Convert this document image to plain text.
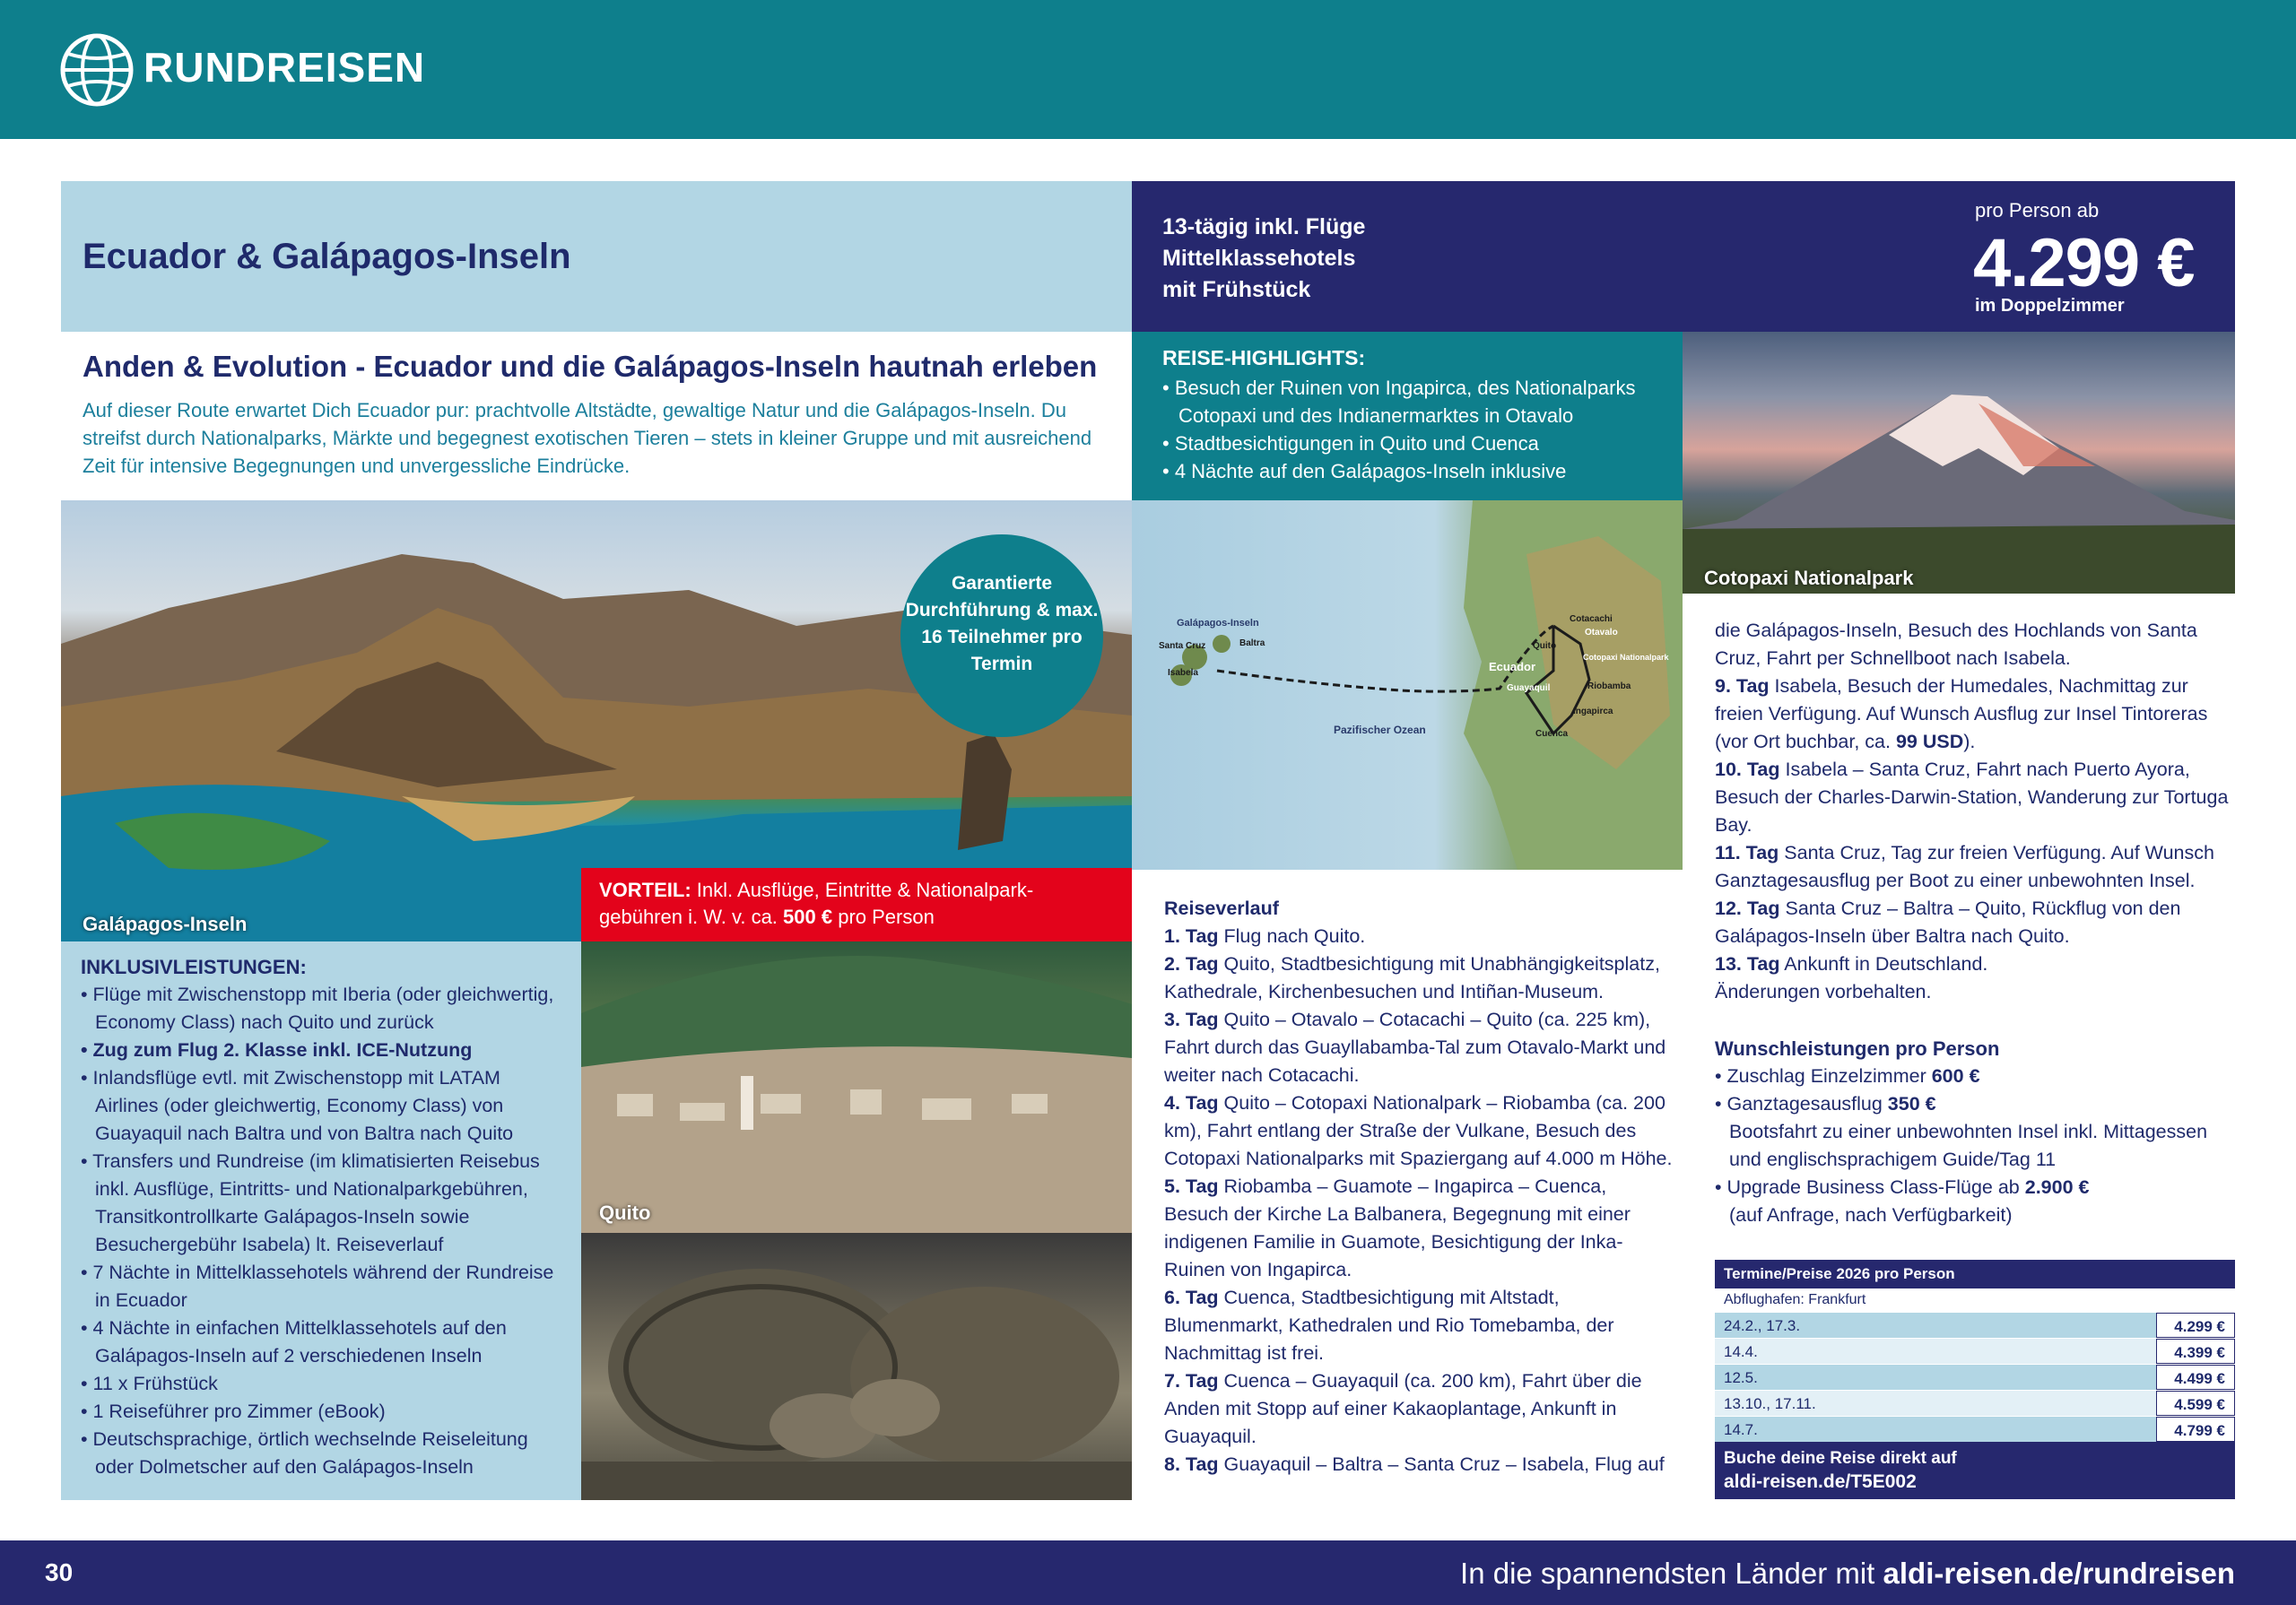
RUNDREISEN
Ecuador & Galápagos-Inseln
13-tägig inkl. Flüge
Mittelklassehotels
mit Frühstück
pro Person ab
4.299 €
im Doppelzimmer
Anden & Evolution - Ecuador und die Galápagos-Inseln hautnah erleben
Auf dieser Route erwartet Dich Ecuador pur: prachtvolle Altstädte, gewaltige Natur und die Galápagos-Inseln. Du streifst durch Nationalparks, Märkte und begegnest exotischen Tieren – stets in kleiner Gruppe und mit ausreichend Zeit für intensive Begegnungen und unvergessliche Eindrücke.
REISE-HIGHLIGHTS:
• Besuch der Ruinen von Ingapirca, des Nationalparks Cotopaxi und des Indianermarktes in Otavalo
• Stadtbesichtigungen in Quito und Cuenca
• 4 Nächte auf den Galápagos-Inseln inklusive
Galápagos-Inseln
Garantierte Durchführung & max. 16 Teilnehmer pro Termin
Galápagos-Inseln
Santa Cruz	Baltra
Isabela
Pazifischer Ozean
Ecuador
Cotacachi
Otavalo
Quito
Cotopaxi Nationalpark
Riobamba
Guayaquil
Ingapirca
Cuenca
Cotopaxi Nationalpark
VORTEIL: Inkl. Ausflüge, Eintritte & Nationalpark-
gebühren i. W. v. ca. 500 € pro Person
Quito
INKLUSIVLEISTUNGEN:
• Flüge mit Zwischenstopp mit Iberia (oder gleichwertig, Economy Class) nach Quito und zurück
• Zug zum Flug 2. Klasse inkl. ICE-Nutzung
• Inlandsflüge evtl. mit Zwischenstopp mit LATAM Airlines (oder gleichwertig, Economy Class) von Guayaquil nach Baltra und von Baltra nach Quito
• Transfers und Rundreise (im klimatisierten Reisebus inkl. Ausflüge, Eintritts- und Nationalparkgebühren, Transitkontrollkarte Galápagos-Inseln sowie Besuchergebühr Isabela) lt. Reiseverlauf
• 7 Nächte in Mittelklassehotels während der Rundreise in Ecuador
• 4 Nächte in einfachen Mittelklassehotels auf den Galápagos-Inseln auf 2 verschiedenen Inseln
• 11 x Frühstück
• 1 Reiseführer pro Zimmer (eBook)
• Deutschsprachige, örtlich wechselnde Reiseleitung oder Dolmetscher auf den Galápagos-Inseln
Reiseverlauf
1. Tag Flug nach Quito.
2. Tag Quito, Stadtbesichtigung mit Unabhängigkeitsplatz, Kathedrale, Kirchenbesuchen und Intiñan-Museum.
3. Tag Quito – Otavalo – Cotacachi – Quito (ca. 225 km), Fahrt durch das Guayllabamba-Tal zum Otavalo-Markt und weiter nach Cotacachi.
4. Tag Quito – Cotopaxi Nationalpark – Riobamba (ca. 200 km), Fahrt entlang der Straße der Vulkane, Besuch des Cotopaxi Nationalparks mit Spaziergang auf 4.000 m Höhe.
5. Tag Riobamba – Guamote – Ingapirca – Cuenca, Besuch der Kirche La Balbanera, Begegnung mit einer indigenen Familie in Guamote, Besichtigung der Inka-Ruinen von Ingapirca.
6. Tag Cuenca, Stadtbesichtigung mit Altstadt, Blumenmarkt, Kathedralen und Rio Tomebamba, der Nachmittag ist frei.
7. Tag Cuenca – Guayaquil (ca. 200 km), Fahrt über die Anden mit Stopp auf einer Kakaoplantage, Ankunft in Guayaquil.
8. Tag Guayaquil – Baltra – Santa Cruz – Isabela, Flug auf
die Galápagos-Inseln, Besuch des Hochlands von Santa Cruz, Fahrt per Schnellboot nach Isabela.
9. Tag Isabela, Besuch der Humedales, Nachmittag zur freien Verfügung. Auf Wunsch Ausflug zur Insel Tintoreras (vor Ort buchbar, ca. 99 USD).
10. Tag Isabela – Santa Cruz, Fahrt nach Puerto Ayora, Besuch der Charles-Darwin-Station, Wanderung zur Tortuga Bay.
11. Tag Santa Cruz, Tag zur freien Verfügung. Auf Wunsch Ganztagesausflug per Boot zu einer unbewohnten Insel.
12. Tag Santa Cruz – Baltra – Quito, Rückflug von den Galápagos-Inseln über Baltra nach Quito.
13. Tag Ankunft in Deutschland.
Änderungen vorbehalten.
Wunschleistungen pro Person
• Zuschlag Einzelzimmer 600 €
• Ganztagesausflug 350 €
Bootsfahrt zu einer unbewohnten Insel inkl. Mittagessen und englischsprachigem Guide/Tag 11
• Upgrade Business Class-Flüge ab 2.900 €
(auf Anfrage, nach Verfügbarkeit)
Termine/Preise 2026 pro Person
Abflughafen: Frankfurt
24.2., 17.3.	4.299 €
14.4.	4.399 €
12.5.	4.499 €
13.10., 17.11.	4.599 €
14.7.	4.799 €
Buche deine Reise direkt auf
aldi-reisen.de/T5E002
30	In die spannendsten Länder mit aldi-reisen.de/rundreisen
